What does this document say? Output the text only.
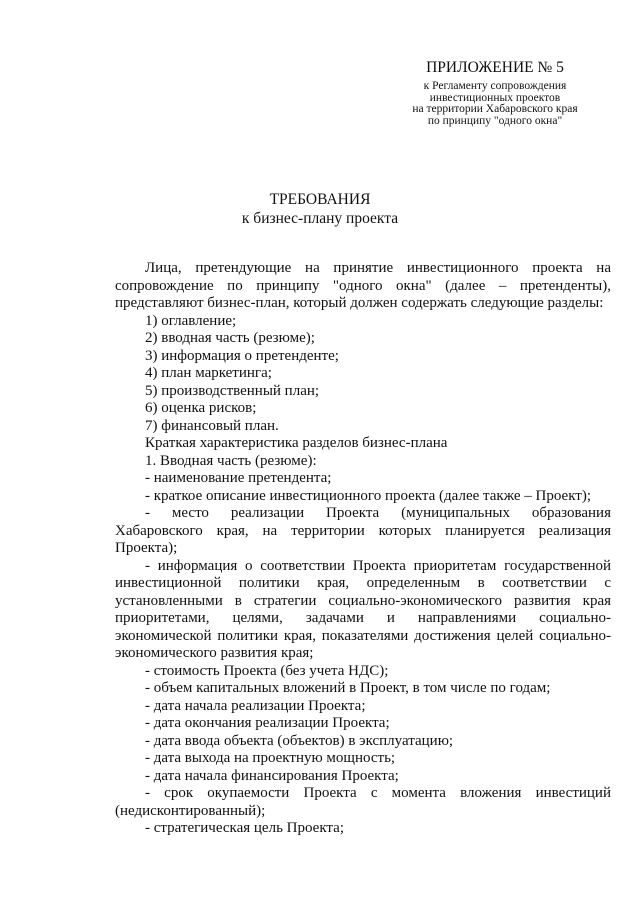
ПРИЛОЖЕНИЕ № 5
к Регламенту сопровождения
инвестиционных проектов
на территории Хабаровского края
по принципу "одного окна"
ТРЕБОВАНИЯ
к бизнес-плану проекта

Лица, претендующие на принятие инвестиционного проекта на сопровождение по принципу "одного окна" (далее – претенденты), представляют бизнес-план, который должен содержать следующие разделы:

1) оглавление;

2) вводная часть (резюме);

3) информация о претенденте;

4) план маркетинга;

5) производственный план;

6) оценка рисков;

7) финансовый план.

Краткая характеристика разделов бизнес-плана

1. Вводная часть (резюме):

- наименование претендента;

- краткое описание инвестиционного проекта (далее также – Проект);

- место реализации Проекта (муниципальных образования Хабаровского края, на территории которых планируется реализация Проекта);

- информация о соответствии Проекта приоритетам государственной инвестиционной политики края, определенным в соответствии с установленными в стратегии социально-экономического развития края приоритетами, целями, задачами и направлениями социально-экономической политики края, показателями достижения целей социально-экономического развития края;

- стоимость Проекта (без учета НДС);

- объем капитальных вложений в Проект, в том числе по годам;

- дата начала реализации Проекта;

- дата окончания реализации Проекта;

- дата ввода объекта (объектов) в эксплуатацию;

- дата выхода на проектную мощность;

- дата начала финансирования Проекта;

- срок окупаемости Проекта с момента вложения инвестиций (недисконтированный);

- стратегическая цель Проекта;
